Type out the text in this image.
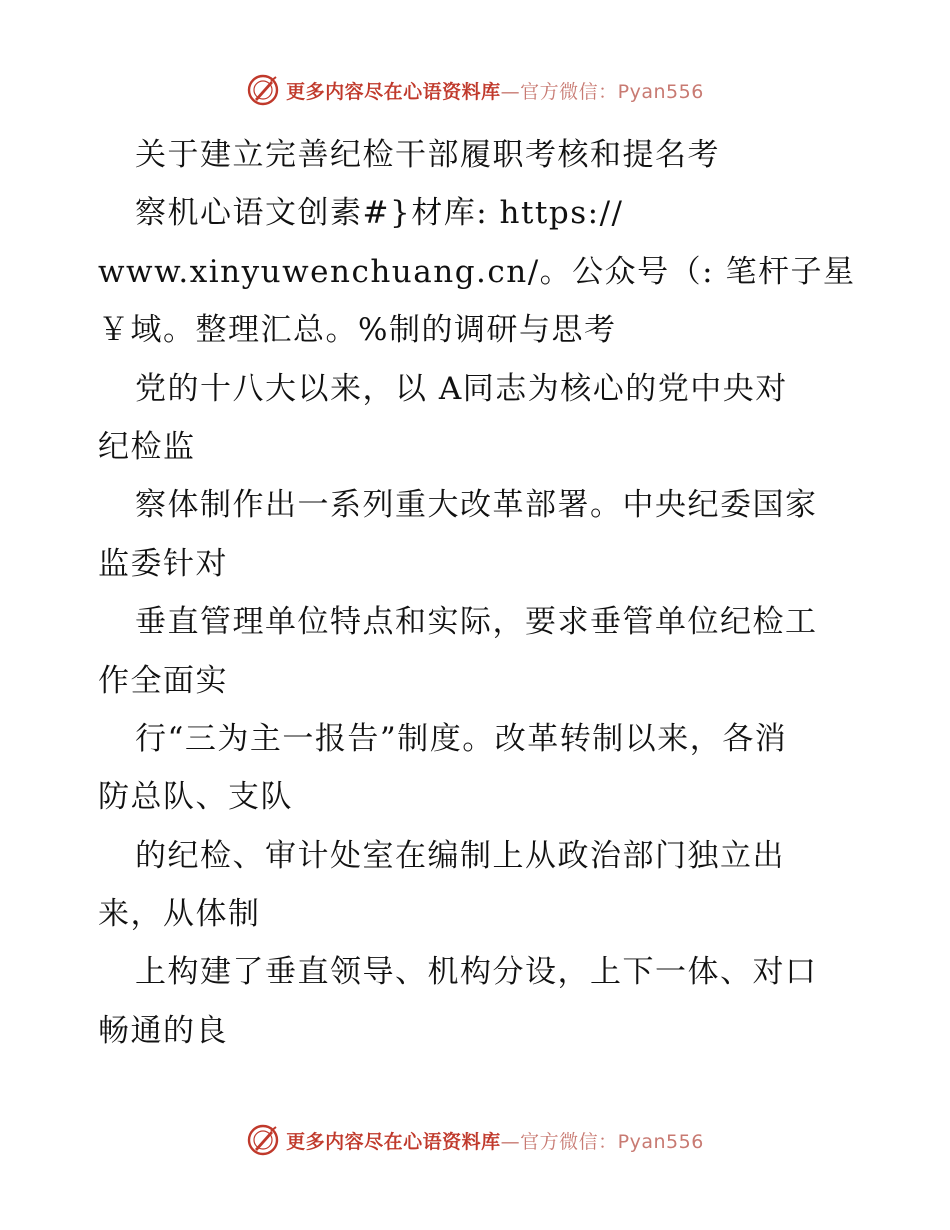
更多内容尽在心语资料库—官方微信：Pyan556
关于建立完善纪检干部履职考核和提名考
察机心语文创素#}材库: https://
www.xinyuwenchuang.cn/。公众号（: 笔杆子星
￥域。整理汇总。%制的调研与思考
党的十八大以来，以 A同志为核心的党中央对
纪检监
察体制作出一系列重大改革部署。中央纪委国家
监委针对
垂直管理单位特点和实际，要求垂管单位纪检工
作全面实
行“三为主一报告”制度。改革转制以来，各消
防总队、支队
的纪检、审计处室在编制上从政治部门独立出
来，从体制
上构建了垂直领导、机构分设，上下一体、对口
畅通的良
更多内容尽在心语资料库—官方微信：Pyan556
